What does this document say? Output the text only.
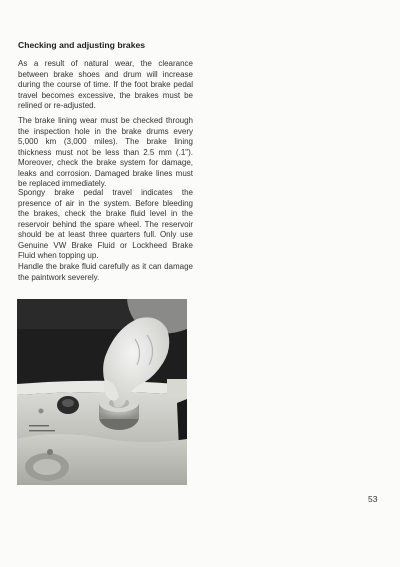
Checking and adjusting brakes

As a result of natural wear, the clearance between brake shoes and drum will increase during the course of time. If the foot brake pedal travel becomes excessive, the brakes must be relined or re-adjusted.

The brake lining wear must be checked through the inspection hole in the brake drums every 5,000 km (3,000 miles). The brake lining thickness must not be less than 2.5 mm (.1"). Moreover, check the brake system for damage, leaks and corrosion. Damaged brake lines must be replaced immediately.

Spongy brake pedal travel indicates the presence of air in the system. Before bleeding the brakes, check the brake fluid level in the reservoir behind the spare wheel. The reservoir should be at least three quarters full. Only use Genuine VW Brake Fluid or Lockheed Brake Fluid when topping up.

Handle the brake fluid carefully as it can damage the paintwork severely.

53
